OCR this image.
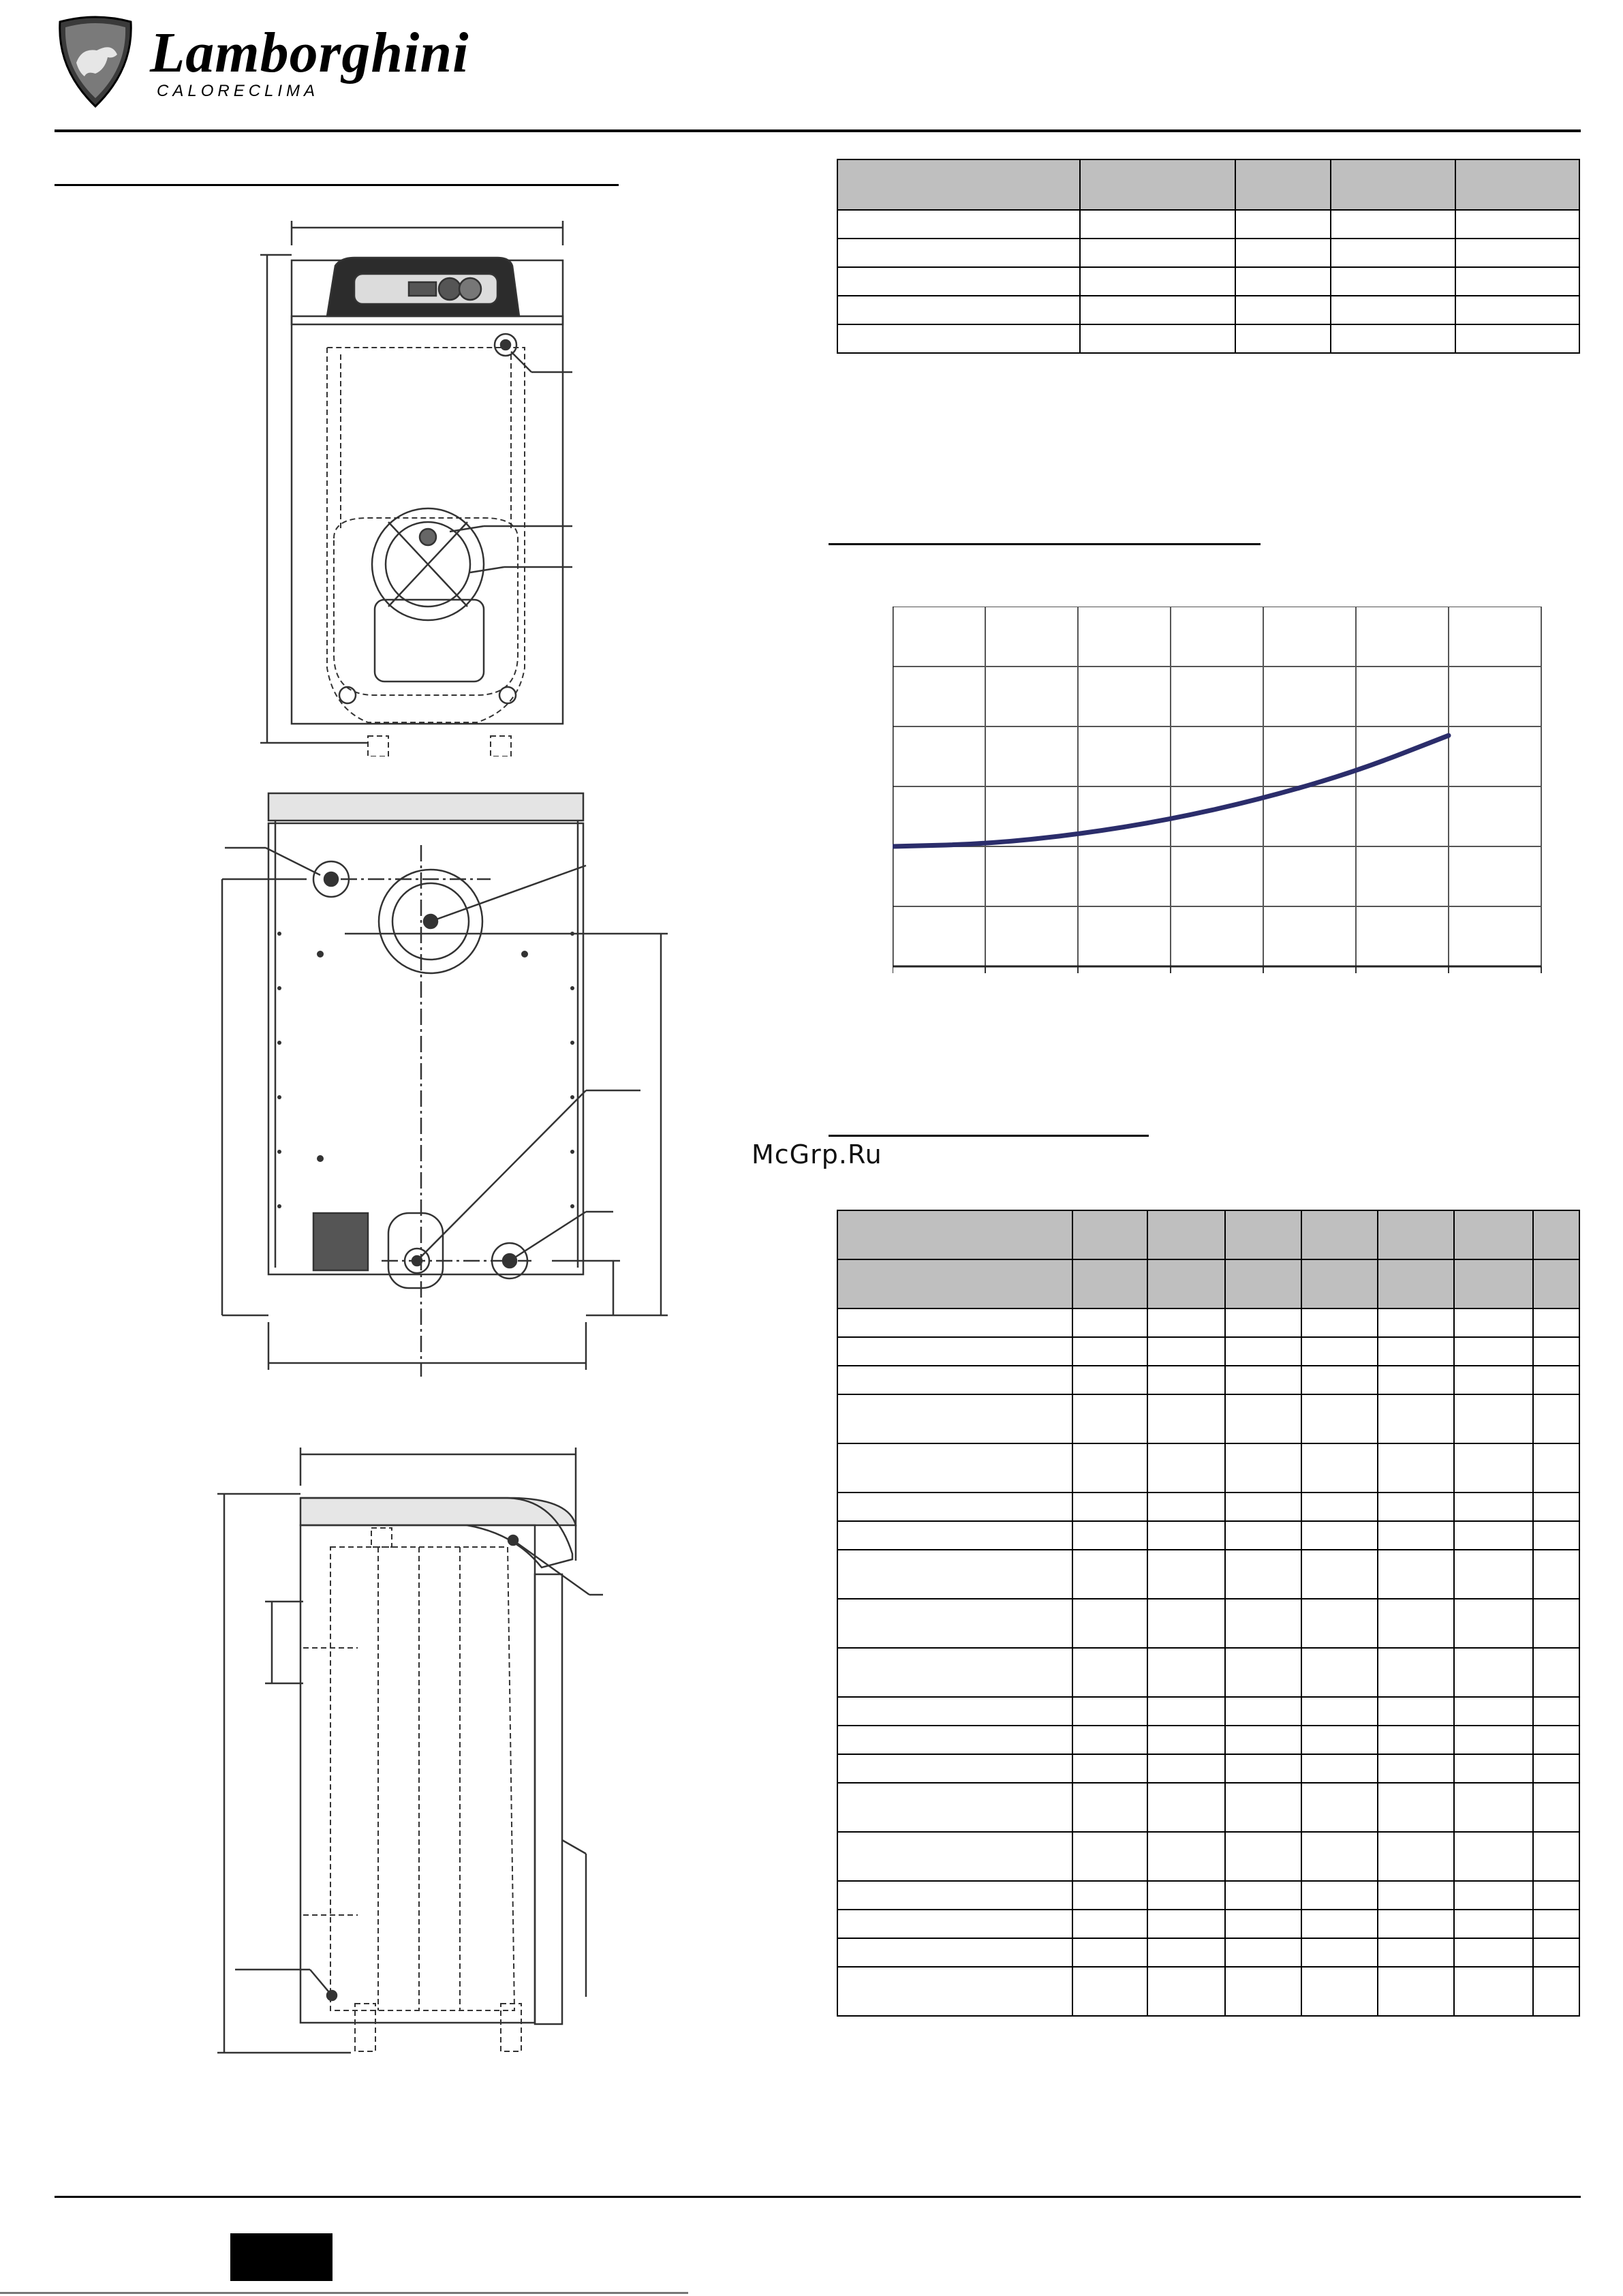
Lamborghini
CALORECLIMA

McGrp.Ru
